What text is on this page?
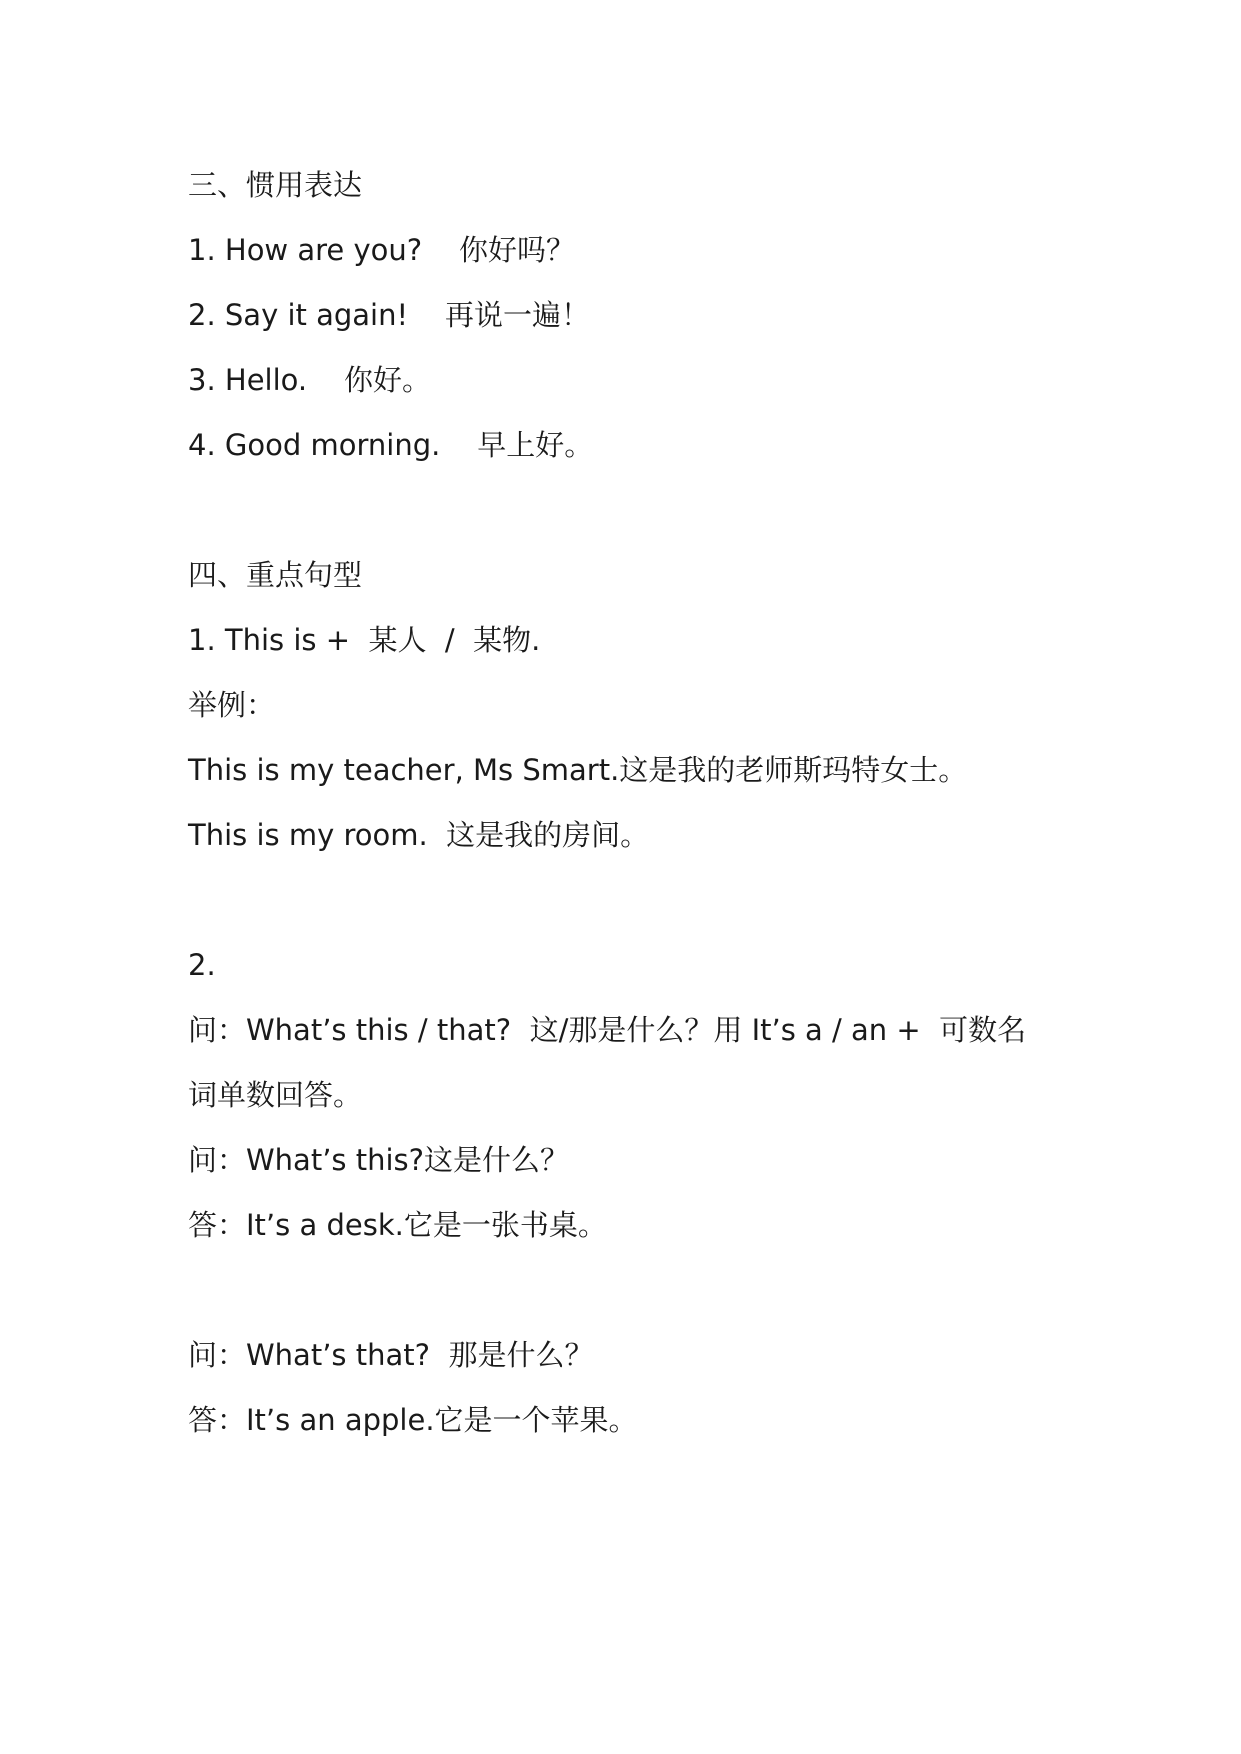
三、惯用表达

1. How are you?    你好吗？

2. Say it again!    再说一遍！

3. Hello.    你好。

4. Good morning.    早上好。

四、重点句型

1. This is +  某人  /  某物.

举例：

This is my teacher, Ms Smart.这是我的老师斯玛特女士。

This is my room.  这是我的房间。

2.

问：What’s this / that?  这/那是什么？用 It’s a / an +  可数名

词单数回答。

问：What’s this?这是什么？

答：It’s a desk.它是一张书桌。

问：What’s that?  那是什么？

答：It’s an apple.它是一个苹果。
